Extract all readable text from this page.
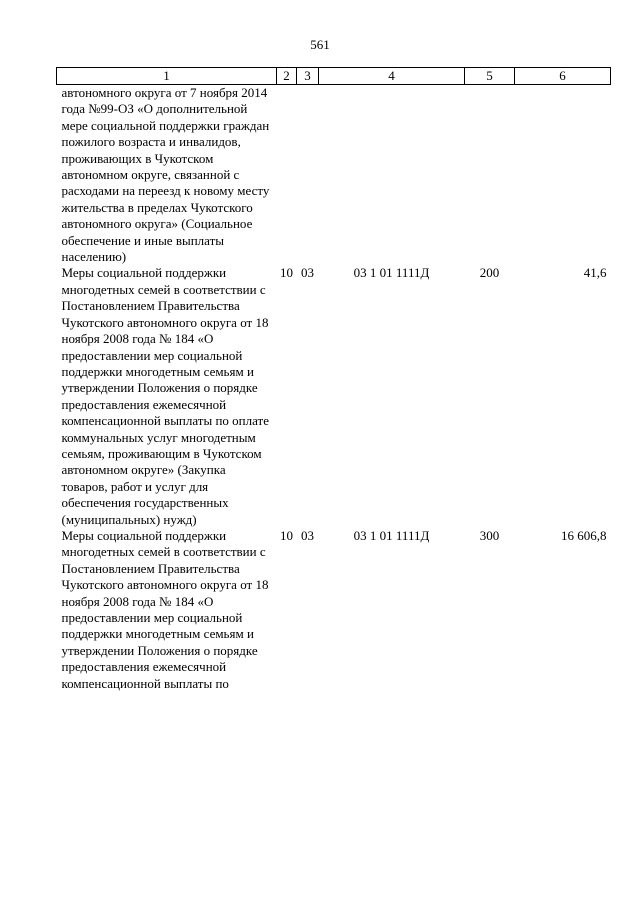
561
1	2	3	4	5	6
автономного округа от 7 ноября 2014 года №99-ОЗ «О дополнительной мере социальной поддержки граждан пожилого возраста и инвалидов, проживающих в Чукотском автономном округе, связанной с расходами на переезд к новому месту жительства в пределах Чукотского автономного округа» (Социальное обеспечение и иные выплаты населению)					
Меры социальной поддержки многодетных семей в соответствии с Постановлением Правительства Чукотского автономного округа от 18 ноября 2008 года № 184 «О предоставлении мер социальной поддержки многодетным семьям и утверждении Положения о порядке предоставления ежемесячной компенсационной выплаты по оплате коммунальных услуг многодетным семьям, проживающим в Чукотском автономном округе» (Закупка товаров, работ и услуг для обеспечения государственных (муниципальных) нужд)	10	03	03 1 01 1111Д	200	41,6
Меры социальной поддержки многодетных семей в соответствии с Постановлением Правительства Чукотского автономного округа от 18 ноября 2008 года № 184 «О предоставлении мер социальной поддержки многодетным семьям и утверждении Положения о порядке предоставления ежемесячной компенсационной выплаты по	10	03	03 1 01 1111Д	300	16 606,8
